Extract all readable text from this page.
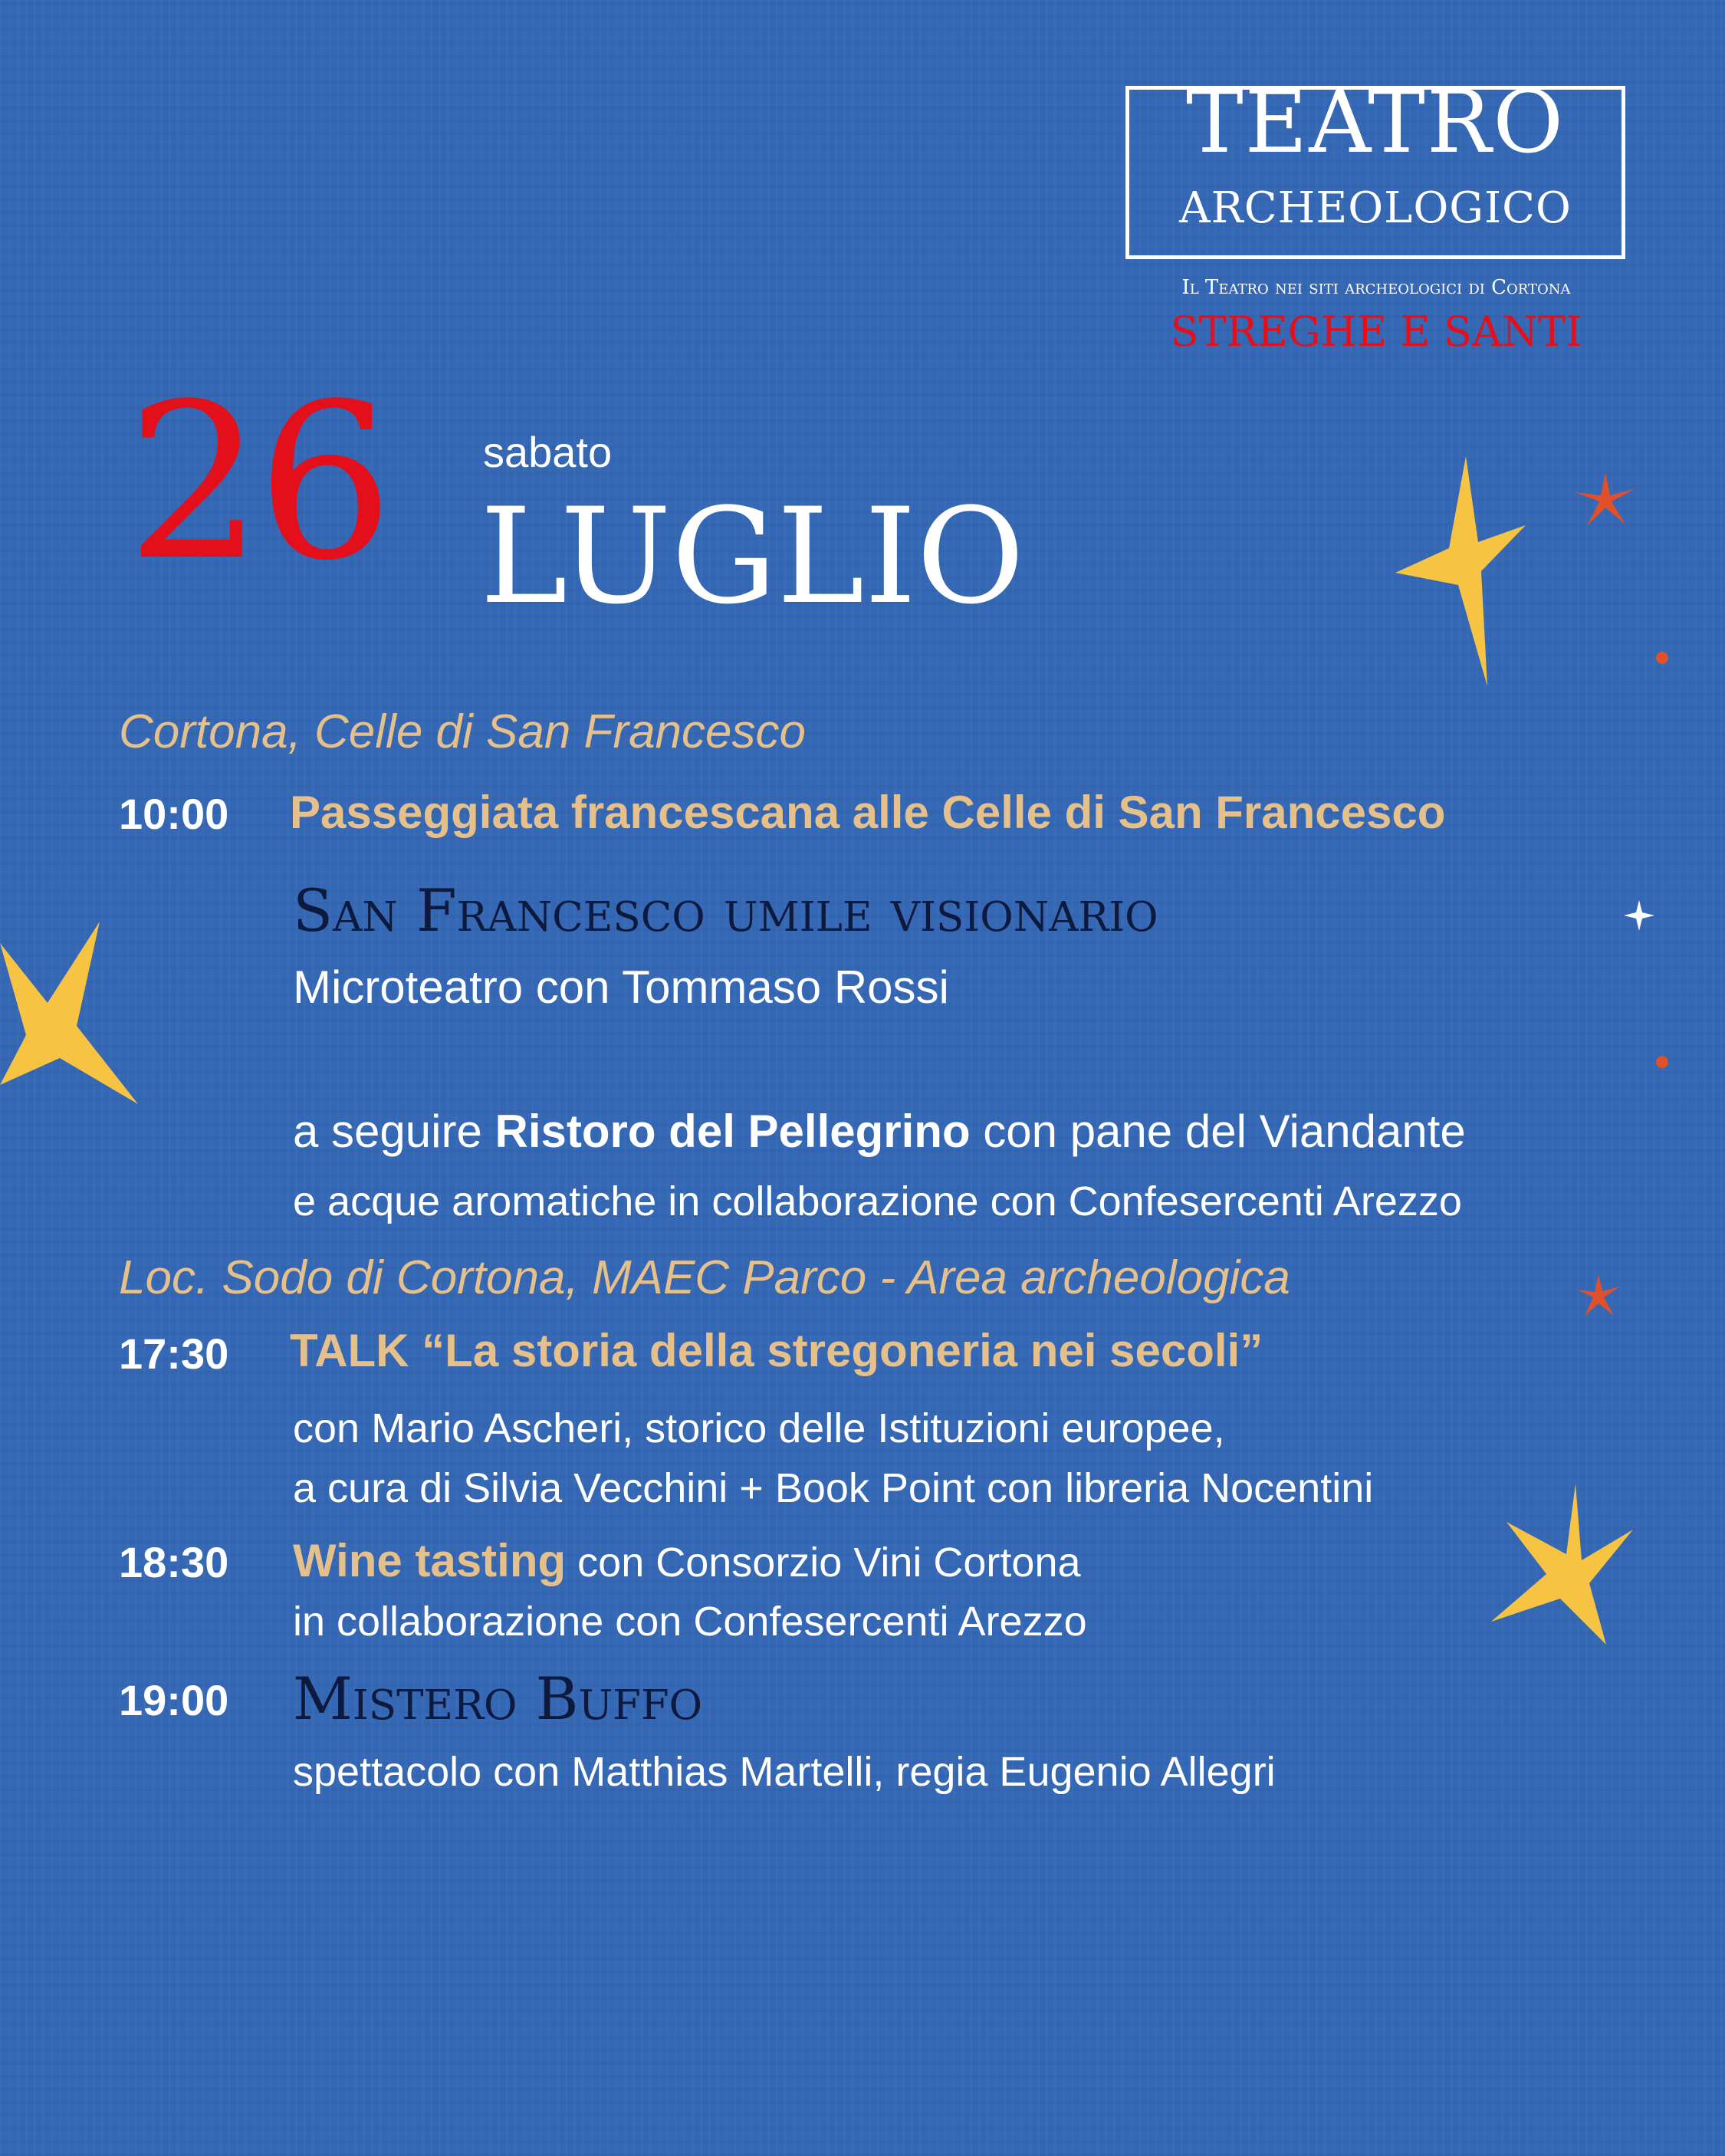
TEATRO
ARCHEOLOGICO
Il Teatro nei siti archeologici di Cortona
STREGHE E SANTI
26 sabato
LUGLIO
Cortona, Celle di San Francesco
10:00 Passeggiata francescana alle Celle di San Francesco
San Francesco umile visionario
Microteatro con Tommaso Rossi
a seguire Ristoro del Pellegrino con pane del Viandante
e acque aromatiche in collaborazione con Confesercenti Arezzo
Loc. Sodo di Cortona, MAEC Parco - Area archeologica
17:30 TALK “La storia della stregoneria nei secoli”
con Mario Ascheri, storico delle Istituzioni europee,
a cura di Silvia Vecchini + Book Point con libreria Nocentini
18:30 Wine tasting con Consorzio Vini Cortona
in collaborazione con Confesercenti Arezzo
19:00 Mistero Buffo
spettacolo con Matthias Martelli, regia Eugenio Allegri
